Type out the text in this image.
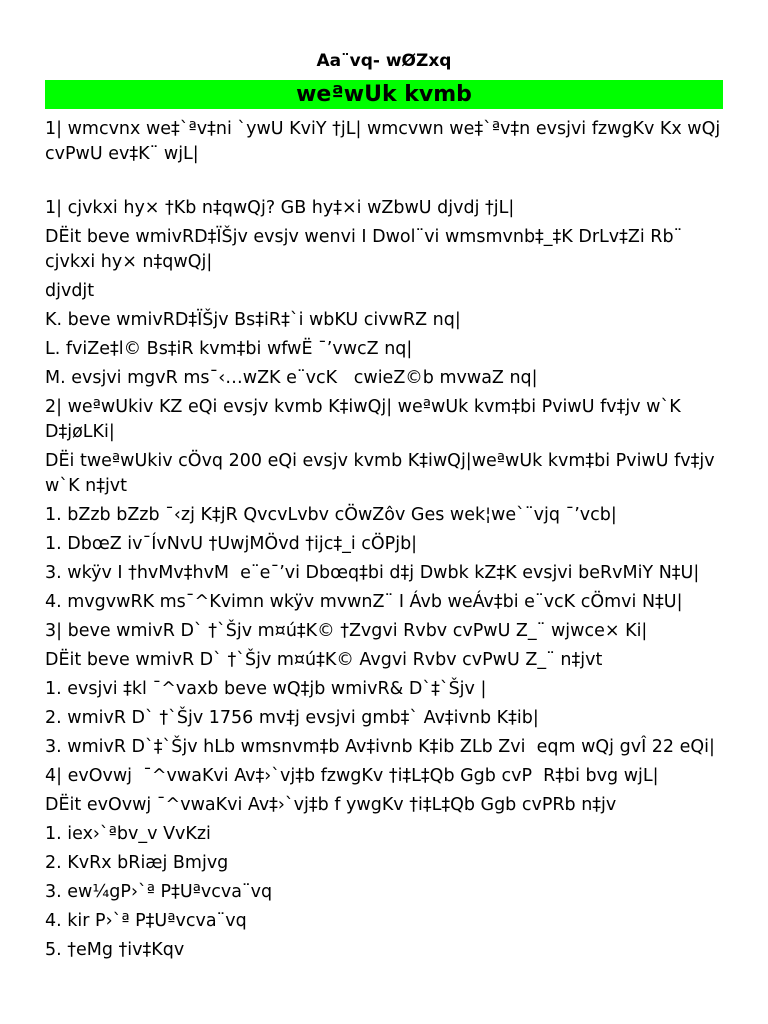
Aa¨vq- wØZxq
weªwUk kvmb
1| wmcvnx we‡`ªv‡ni `ywU KviY †jL| wmcvwn we‡`ªv‡n evsjvi fzwgKv Kx wQj cvPwU ev‡K¨ wjL|
1| cjvkxi hy× †Kb n‡qwQj? GB hy‡×i wZbwU djvdj †jL|
DËit beve wmivRD‡ÏŠjv evsjv wenvi I Dwol¨vi wmsmvnb‡_‡K DrLv‡Zi Rb¨ cjvkxi hy× n‡qwQj|
djvdjt
K. beve wmivRD‡ÏŠjv Bs‡iR‡`i wbKU civwRZ nq|
L. fviZe‡l© Bs‡iR kvm‡bi wfwË ¯’vwcZ nq|
M. evsjvi mgvR ms¯‹…wZK e¨vcK   cwieZ©b mvwaZ nq|
2| weªwUkiv KZ eQi evsjv kvmb K‡iwQj| weªwUk kvm‡bi PviwU fv‡jv w`K D‡jøLKi|
DËi tweªwUkiv cÖvq 200 eQi evsjv kvmb K‡iwQj|weªwUk kvm‡bi PviwU fv‡jv w`K n‡jvt
1. bZzb bZzb ¯‹zj K‡jR QvcvLvbv cÖwZôv Ges wek¦we`¨vjq ¯’vcb|
1. DbœZ iv¯ÍvNvU †UwjMÖvd †ijc‡_i cÖPjb|
3. wkÿv I †hvMv‡hvM  e¨e¯’vi Dbœq‡bi d‡j Dwbk kZ‡K evsjvi beRvMiY N‡U|
4. mvgvwRK ms¯^Kvimn wkÿv mvwnZ¨ I Ávb weÁv‡bi e¨vcK cÖmvi N‡U|
3| beve wmivR D` †`Šjv m¤ú‡K© †Zvgvi Rvbv cvPwU Z_¨ wjwce× Ki|
DËit beve wmivR D` †`Šjv m¤ú‡K© Avgvi Rvbv cvPwU Z_¨ n‡jvt
1. evsjvi ‡kl ¯^vaxb beve wQ‡jb wmivR& D`‡`Šjv |
2. wmivR D` †`Šjv 1756 mv‡j evsjvi gmb‡` Av‡ivnb K‡ib|
3. wmivR D`‡`Šjv hLb wmsnvm‡b Av‡ivnb K‡ib ZLb Zvi  eqm wQj gvÎ 22 eQi|
4| evOvwj  ¯^vwaKvi Av‡›`vj‡b fzwgKv †i‡L‡Qb Ggb cvP  R‡bi bvg wjL|
DËit evOvwj ¯^vwaKvi Av‡›`vj‡b f ywgKv †i‡L‡Qb Ggb cvPRb n‡jv
1. iex›`ªbv_v VvKzi
2. KvRx bRiæj Bmjvg
3. ew¼gP›`ª P‡Uªvcva¨vq
4. kir P›`ª P‡Uªvcva¨vq
5. †eMg †iv‡Kqv
